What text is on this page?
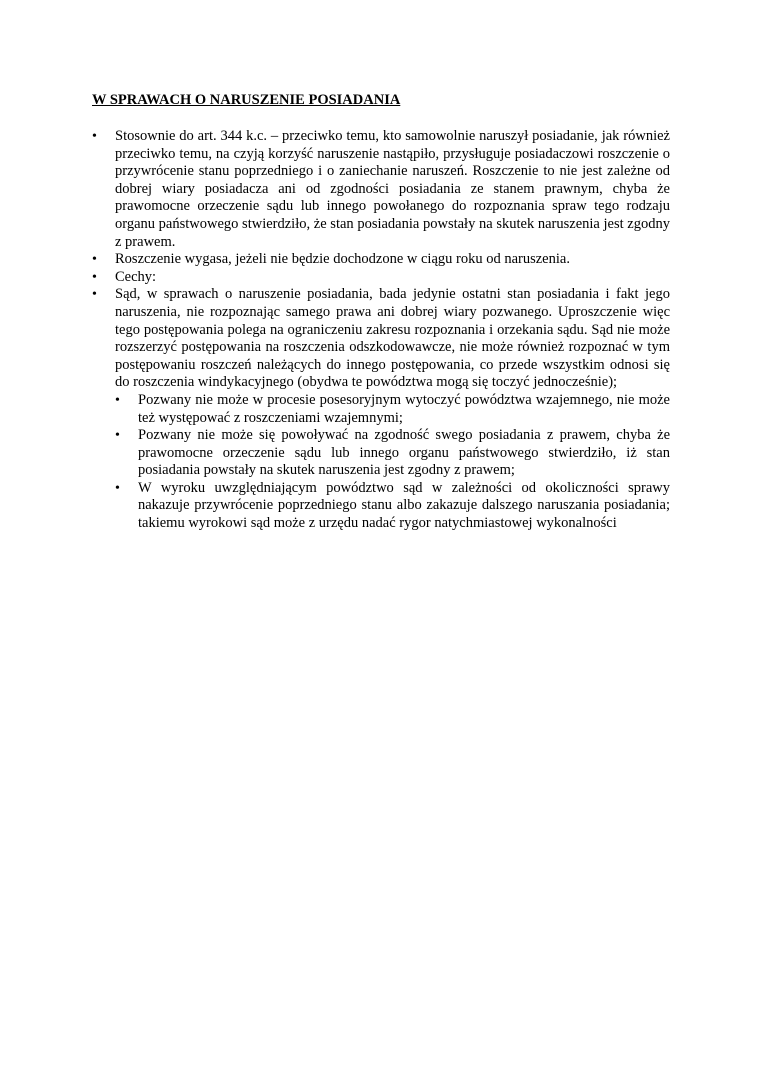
W SPRAWACH O NARUSZENIE POSIADANIA
•	Stosownie do art. 344 k.c. – przeciwko temu, kto samowolnie naruszył posiadanie, jak również przeciwko temu, na czyją korzyść naruszenie nastąpiło, przysługuje posiadaczowi roszczenie o przywrócenie stanu poprzedniego i o zaniechanie naruszeń. Roszczenie to nie jest zależne od dobrej wiary posiadacza ani od zgodności posiadania ze stanem prawnym, chyba że prawomocne orzeczenie sądu lub innego powołanego do rozpoznania spraw tego rodzaju organu państwowego stwierdziło, że stan posiadania powstały na skutek naruszenia jest zgodny z prawem.
•	Roszczenie wygasa, jeżeli nie będzie dochodzone w ciągu roku od naruszenia.
•	Cechy:
•	Sąd, w sprawach o naruszenie posiadania, bada jedynie ostatni stan posiadania i fakt jego naruszenia, nie rozpoznając samego prawa ani dobrej wiary pozwanego. Uproszczenie więc tego postępowania polega na ograniczeniu zakresu rozpoznania i orzekania sądu. Sąd nie może rozszerzyć postępowania na roszczenia odszkodowawcze, nie może również rozpoznać w tym postępowaniu roszczeń należących do innego postępowania, co przede wszystkim odnosi się do roszczenia windykacyjnego (obydwa te powództwa mogą się toczyć jednocześnie);
•	Pozwany nie może w procesie posesoryjnym wytoczyć powództwa wzajemnego, nie może też występować z roszczeniami wzajemnymi;
•	Pozwany nie może się powoływać na zgodność swego posiadania z prawem, chyba że prawomocne orzeczenie sądu lub innego organu państwowego stwierdziło, iż stan posiadania powstały na skutek naruszenia jest zgodny z prawem;
•	W wyroku uwzględniającym powództwo sąd w zależności od okoliczności sprawy nakazuje przywrócenie poprzedniego stanu albo zakazuje dalszego naruszania posiadania; takiemu wyrokowi sąd może z urzędu nadać rygor natychmiastowej wykonalności
